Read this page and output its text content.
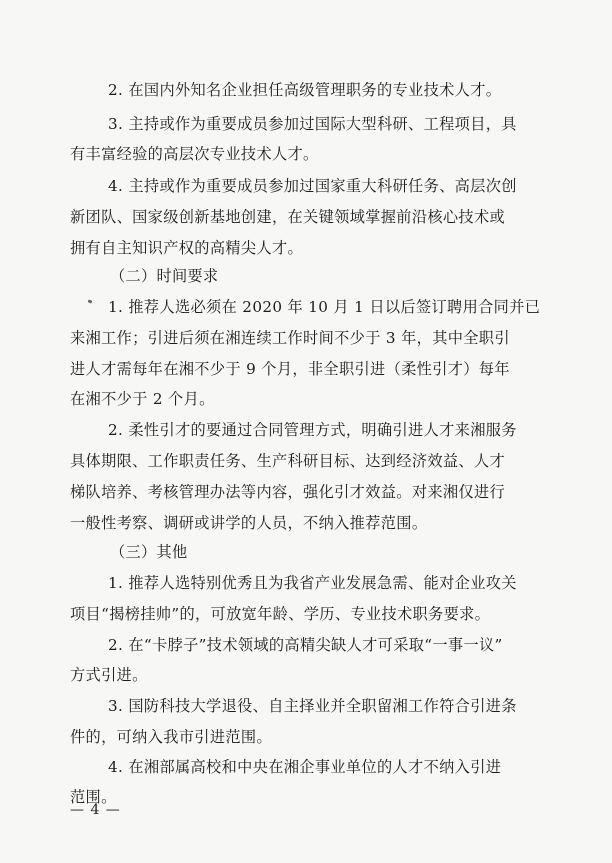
2. 在国内外知名企业担任高级管理职务的专业技术人才。
3. 主持或作为重要成员参加过国际大型科研、工程项目，具
有丰富经验的高层次专业技术人才。
4. 主持或作为重要成员参加过国家重大科研任务、高层次创
新团队、国家级创新基地创建，在关键领域掌握前沿核心技术或
拥有自主知识产权的高精尖人才。
（二）时间要求
1. 推荐人选必须在 2020 年 10 月 1 日以后签订聘用合同并已
来湘工作；引进后须在湘连续工作时间不少于 3 年，其中全职引
进人才需每年在湘不少于 9 个月，非全职引进（柔性引才）每年
在湘不少于 2 个月。
2. 柔性引才的要通过合同管理方式，明确引进人才来湘服务
具体期限、工作职责任务、生产科研目标、达到经济效益、人才
梯队培养、考核管理办法等内容，强化引才效益。对来湘仅进行
一般性考察、调研或讲学的人员，不纳入推荐范围。
（三）其他
1. 推荐人选特别优秀且为我省产业发展急需、能对企业攻关
项目“揭榜挂帅”的，可放宽年龄、学历、专业技术职务要求。
2. 在“卡脖子”技术领域的高精尖缺人才可采取“一事一议”
方式引进。
3. 国防科技大学退役、自主择业并全职留湘工作符合引进条
件的，可纳入我市引进范围。
4. 在湘部属高校和中央在湘企事业单位的人才不纳入引进
范围。
— 4 —
